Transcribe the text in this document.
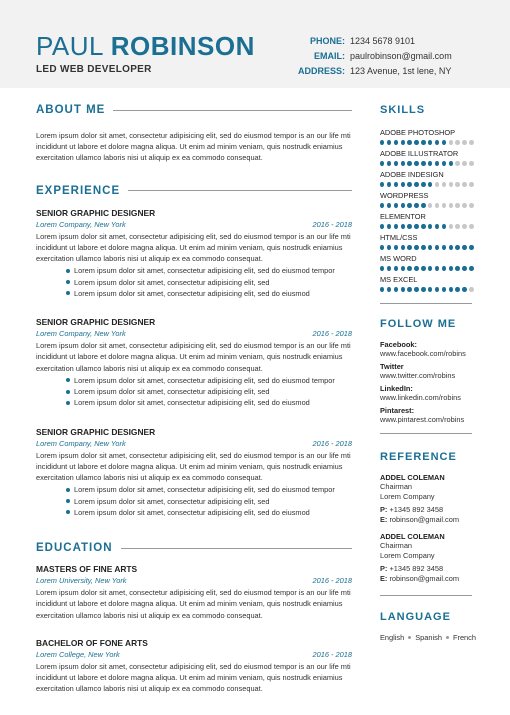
PAUL ROBINSON
LED WEB DEVELOPER
PHONE: 1234 5678 9101
EMAIL: paulrobinson@gmail.com
ADDRESS: 123 Avenue, 1st lene, NY
ABOUT ME

Lorem ipsum dolor sit amet, consectetur adipisicing elit, sed do eiusmod tempor is an our life mti incididunt ut labore et dolore magna aliqua. Ut enim ad minim veniam, quis nostrudk eniamius exercitation ullamco laboris nisi ut aliquip ex ea commodo consequat.

EXPERIENCE
SENIOR GRAPHIC DESIGNER
Lorem Company, New York	2016 - 2018

Lorem ipsum dolor sit amet, consectetur adipisicing elit, sed do eiusmod tempor is an our life mti incididunt ut labore et dolore magna aliqua. Ut enim ad minim veniam, quis nostrudk eniamius exercitation ullamco laboris nisi ut aliquip ex ea commodo consequat.

Lorem ipsum dolor sit amet, consectetur adipisicing elit, sed do eiusmod tempor
Lorem ipsum dolor sit amet, consectetur adipisicing elit, sed
Lorem ipsum dolor sit amet, consectetur adipisicing elit, sed do eiusmod
SENIOR GRAPHIC DESIGNER
Lorem Company, New York	2016 - 2018

Lorem ipsum dolor sit amet, consectetur adipisicing elit, sed do eiusmod tempor is an our life mti incididunt ut labore et dolore magna aliqua. Ut enim ad minim veniam, quis nostrudk eniamius exercitation ullamco laboris nisi ut aliquip ex ea commodo consequat.

Lorem ipsum dolor sit amet, consectetur adipisicing elit, sed do eiusmod tempor
Lorem ipsum dolor sit amet, consectetur adipisicing elit, sed
Lorem ipsum dolor sit amet, consectetur adipisicing elit, sed do eiusmod
SENIOR GRAPHIC DESIGNER
Lorem Company, New York	2016 - 2018

Lorem ipsum dolor sit amet, consectetur adipisicing elit, sed do eiusmod tempor is an our life mti incididunt ut labore et dolore magna aliqua. Ut enim ad minim veniam, quis nostrudk eniamius exercitation ullamco laboris nisi ut aliquip ex ea commodo consequat.

Lorem ipsum dolor sit amet, consectetur adipisicing elit, sed do eiusmod tempor
Lorem ipsum dolor sit amet, consectetur adipisicing elit, sed
Lorem ipsum dolor sit amet, consectetur adipisicing elit, sed do eiusmod
EDUCATION
MASTERS OF FINE ARTS
Lorem University, New York	2016 - 2018

Lorem ipsum dolor sit amet, consectetur adipisicing elit, sed do eiusmod tempor is an our life mti incididunt ut labore et dolore magna aliqua. Ut enim ad minim veniam, quis nostrudk eniamius exercitation ullamco laboris nisi ut aliquip ex ea commodo consequat.

BACHELOR OF FONE ARTS
Lorem College, New York	2016 - 2018

Lorem ipsum dolor sit amet, consectetur adipisicing elit, sed do eiusmod tempor is an our life mti incididunt ut labore et dolore magna aliqua. Ut enim ad minim veniam, quis nostrudk eniamius exercitation ullamco laboris nisi ut aliquip ex ea commodo consequat.

SKILLS
ADOBE PHOTOSHOP
ADOBE ILLUSTRATOR
ADOBE INDESIGN
WORDPRESS
ELEMENTOR
HTML/CSS
MS WORD
MS EXCEL
FOLLOW ME
Facebook:
www.facebook.com/robins
Twitter
www.twitter.com/robins
LinkedIn:
www.linkedin.com/robins
Pintarest:
www.pintarest.com/robins
REFERENCE
ADDEL COLEMAN
Chairman
Lorem Company
P: +1345 892 3458
E: robinson@gmail.com
ADDEL COLEMAN
Chairman
Lorem Company
P: +1345 892 3458
E: robinson@gmail.com
LANGUAGE
English Spanish French
